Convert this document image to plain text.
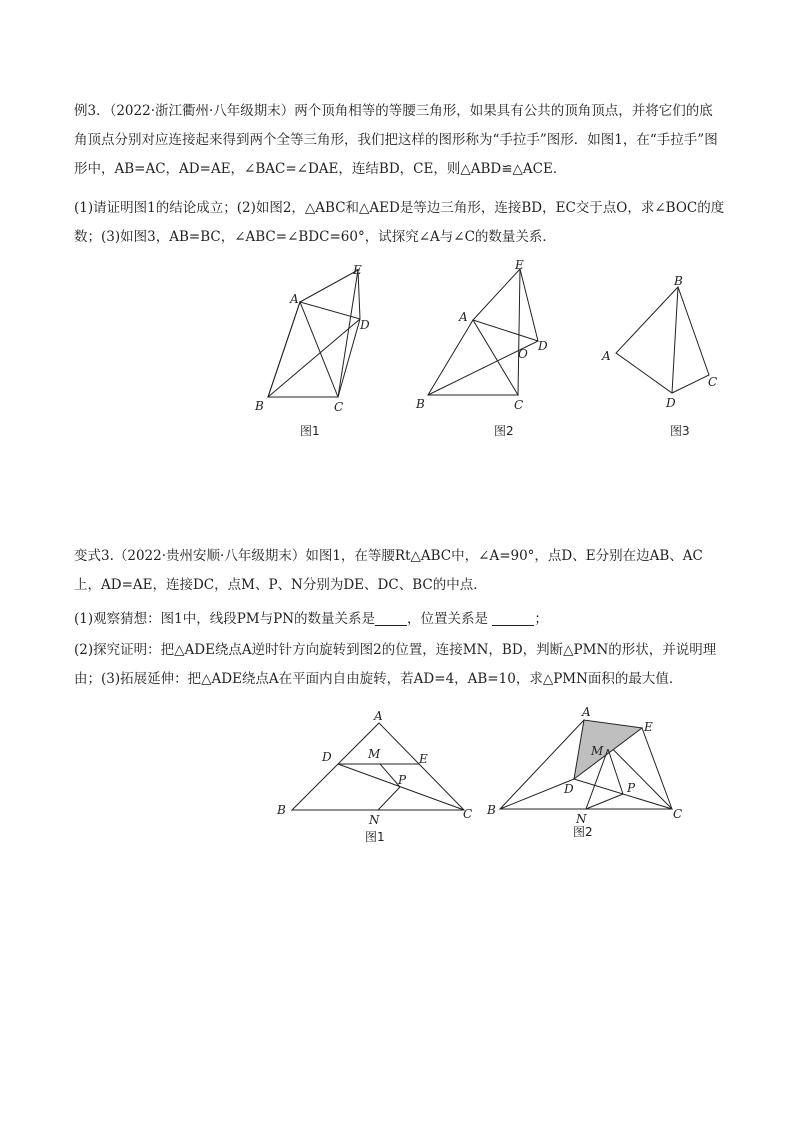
例3．（2022·浙江衢州·八年级期末）两个顶角相等的等腰三角形，如果具有公共的顶角顶点，并将它们的底角顶点分别对应连接起来得到两个全等三角形，我们把这样的图形称为“手拉手”图形．如图1，在“手拉手”图形中，AB=AC，AD=AE，∠BAC=∠DAE，连结BD，CE，则△ABD≌△ACE．

(1)请证明图1的结论成立；(2)如图2，△ABC和△AED是等边三角形，连接BD，EC交于点O，求∠BOC的度数；(3)如图3，AB=BC，∠ABC=∠BDC=60°，试探究∠A与∠C的数量关系．

A
B	C
D
E
图1
A
B	C
D
E
O
图2
A
B
C
D
图3

变式3.（2022·贵州安顺·八年级期末）如图1，在等腰Rt△ABC中，∠A=90°，点D、E分别在边AB、AC上，AD=AE，连接DC，点M、P、N分别为DE、DC、BC的中点．

(1)观察猜想：图1中，线段PM与PN的数量关系是 ，位置关系是	；

(2)探究证明：把△ADE绕点A逆时针方向旋转到图2的位置，连接MN，BD，判断△PMN的形状，并说明理由；(3)拓展延伸：把△ADE绕点A在平面内自由旋转，若AD=4，AB=10，求△PMN面积的最大值．

A
B	C
D	E
M
N
P
图1
A
B	C
D
E
M
N
P
图2
